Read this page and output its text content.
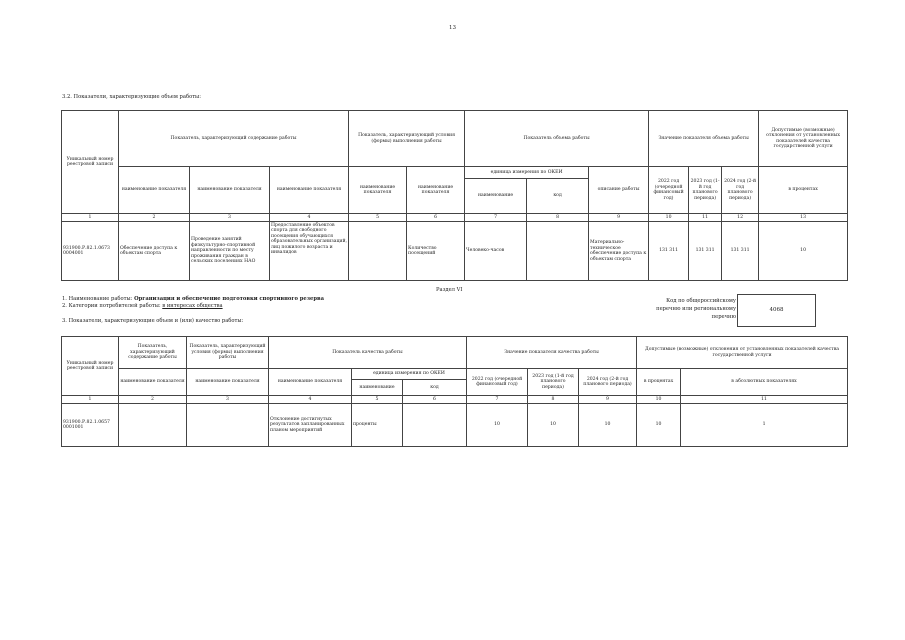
13
3.2. Показатели, характеризующие объем работы:
Уникальный номер реестровой записи	Показатель, характеризующий содержание работы			Показатель, характеризующий условия (формы) выполнения работы		Показатель объема работы			Значение показателя объема работы			Допустимые (возможные) отклонения от установленных показателей качества государственной услуги
	наименование показателя	наименование показателя	наименование показателя	наименование показателя	наименование показателя	единица измерения по ОКЕИ		описание работы	2022 год (очередной финансовый год)	2023 год (1-й год планового периода)	2024 год (2-й год планового периода)	в процентах
						наименование	код					
1	2	3	4	5	6	7	8	9	10	11	12	13
931900.Р.82.1.0673 0004001	Обеспечение доступа к объектам спорта	Проведение занятий физкультурно-спортивной направленности по месту проживания граждан в сельских поселениях НАО	Предоставление объектов спорта для свободного посещения обучающихся образовательных организаций, лиц пожилого возраста и инвалидов		Количество посещений	Человеко-часов		Материально-техническое обеспечение доступа к объектам спорта	131 311	131 311	131 311	10
Раздел VI
1. Наименование работы: Организация и обеспечение подготовки спортивного резерва
2. Категории потребителей работы: в интересах общества
3. Показатели, характеризующие объем и (или) качество работы:
Код по общероссийскому
перечню или региональному
перечню
4068
Уникальный номер реестровой записи	Показатель, характеризующий содержание работы	Показатель, характеризующий условия (формы) выполнения работы	Показатель качества работы			Значение показателя качества работы			Допустимые (возможные) отклонения от установленных показателей качества государственной услуги	
	наименование показателя	наименование показателя	наименование показателя	единица измерения по ОКЕИ		2022 год (очередной финансовый год)	2023 год (1-й год планового периода)	2024 год (2-й год планового периода)	в процентах	в абсолютных показателях
				наименование	код					
1	2	3	4	5	6	7	8	9	10	11
931900.Р.82.1.0657 0001001			Отклонение достигнутых результатов запланированных планом мероприятий	проценты		10	10	10	10	1
